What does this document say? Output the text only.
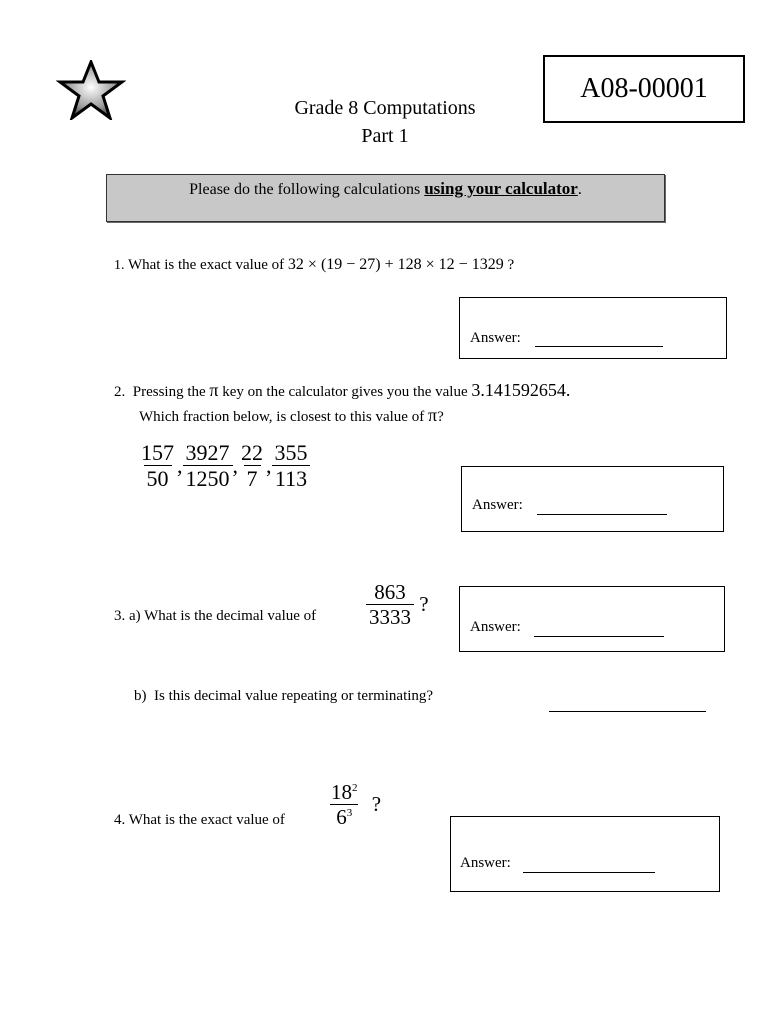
Grade 8 Computations
Part 1
A08-00001
Please do the following calculations using your calculator.
1. What is the exact value of 32 × (19 − 27) + 128 × 12 − 1329 ?
Answer:
2. Pressing the π key on the calculator gives you the value 3.141592654.
Which fraction below, is closest to this value of π?
$\frac{157}{50}$ , $\frac{3927}{1250}$ , $\frac{22}{7}$ , $\frac{355}{113}$
Answer:
3. a) What is the decimal value of $\frac{863}{3333}$ ?
Answer:
b) Is this decimal value repeating or terminating?
4. What is the exact value of $\frac{18^2}{6^3}$ ?
Answer:
